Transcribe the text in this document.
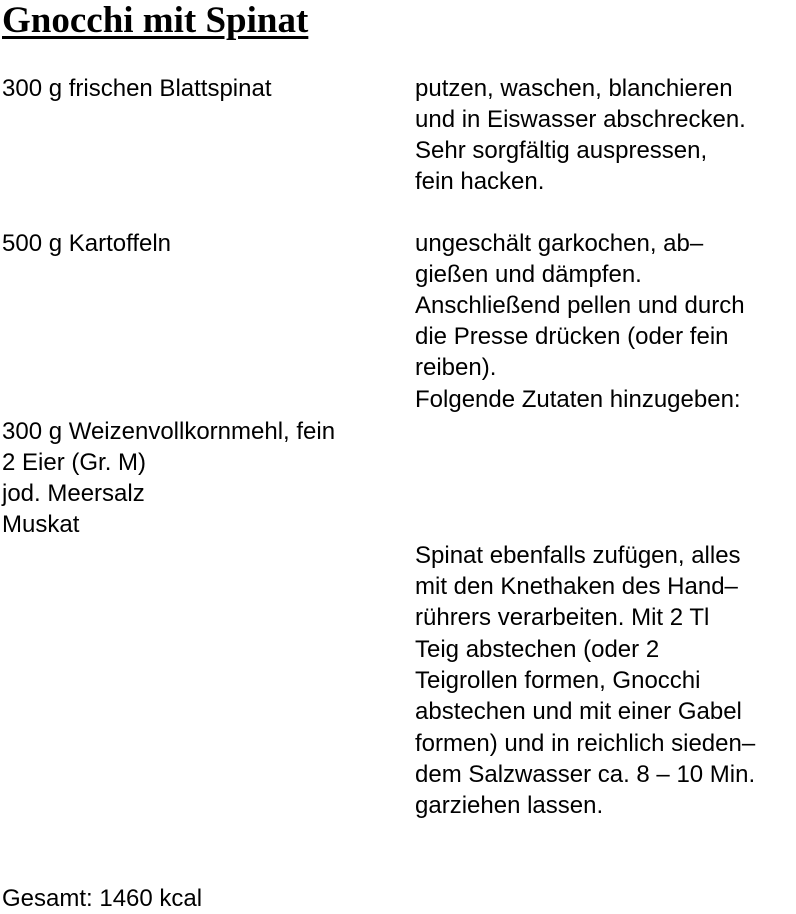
Gnocchi mit Spinat

300 g frischen Blattspinat	putzen, waschen, blanchieren

und in Eiswasser abschrecken.

Sehr sorgfältig auspressen,

fein hacken.

500 g Kartoffeln	ungeschält garkochen, ab–

gießen und dämpfen.

Anschließend pellen und durch

die Presse drücken (oder fein

reiben).

Folgende Zutaten hinzugeben:

300 g Weizenvollkornmehl, fein

2 Eier (Gr. M)

jod. Meersalz

Muskat

Spinat ebenfalls zufügen, alles

mit den Knethaken des Hand–

rührers verarbeiten. Mit 2 Tl

Teig abstechen (oder 2

Teigrollen formen, Gnocchi

abstechen und mit einer Gabel

formen) und in reichlich sieden–

dem Salzwasser ca. 8 – 10 Min.

garziehen lassen.

Gesamt: 1460 kcal
